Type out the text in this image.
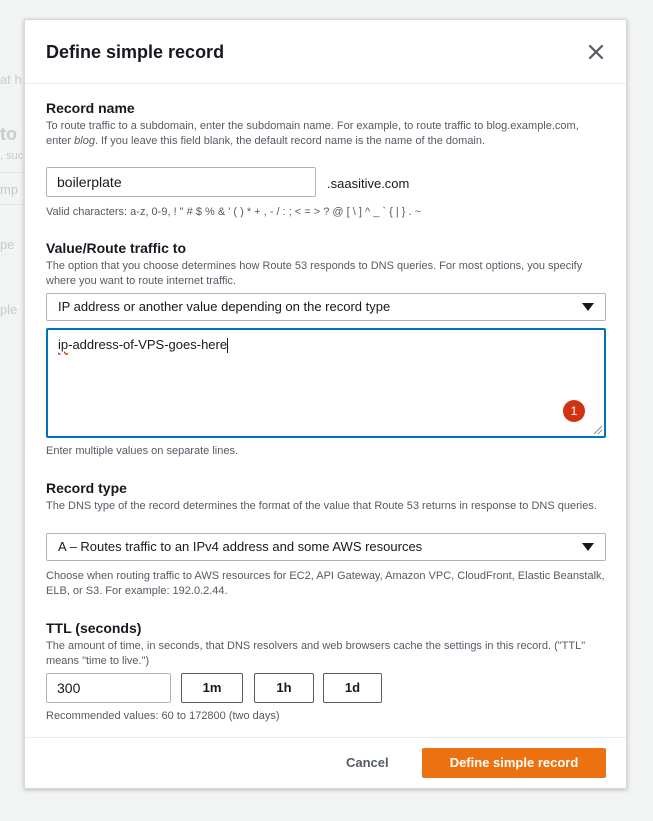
at h
to
, suc
mp
pe
ple
Define simple record
Record name
To route traffic to a subdomain, enter the subdomain name. For example, to route traffic to blog.example.com, enter blog. If you leave this field blank, the default record name is the name of the domain.
boilerplate	.saasitive.com
Valid characters: a-z, 0-9, ! " # $ % & ' ( ) * + , - / : ; < = > ? @ [ \ ] ^ _ ` { | } . ~
Value/Route traffic to
The option that you choose determines how Route 53 responds to DNS queries. For most options, you specify where you want to route internet traffic.
IP address or another value depending on the record type
ip-address-of-VPS-goes-here
1
Enter multiple values on separate lines.
Record type
The DNS type of the record determines the format of the value that Route 53 returns in response to DNS queries.
A – Routes traffic to an IPv4 address and some AWS resources
Choose when routing traffic to AWS resources for EC2, API Gateway, Amazon VPC, CloudFront, Elastic Beanstalk, ELB, or S3. For example: 192.0.2.44.
TTL (seconds)
The amount of time, in seconds, that DNS resolvers and web browsers cache the settings in this record. ("TTL" means "time to live.")
300	1m	1h	1d
Recommended values: 60 to 172800 (two days)
Cancel	Define simple record
